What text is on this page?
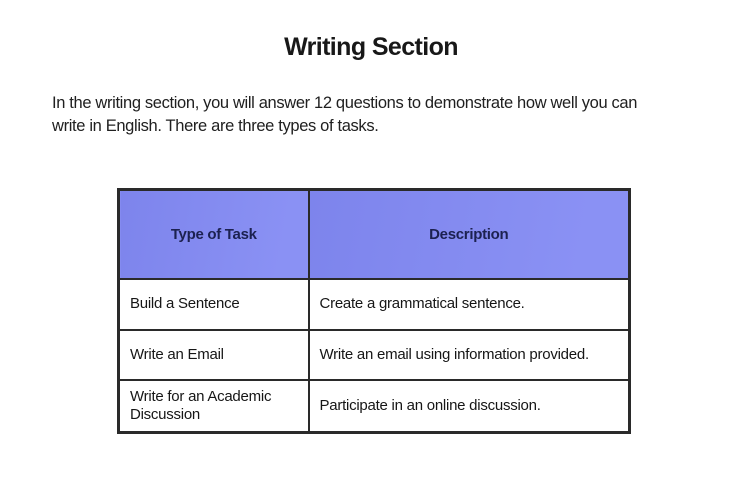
Writing Section
In the writing section, you will answer 12 questions to demonstrate how well you can
write in English. There are three types of tasks.
Type of Task	Description
Build a Sentence	Create a grammatical sentence.
Write an Email	Write an email using information provided.
Write for an Academic Discussion	Participate in an online discussion.
